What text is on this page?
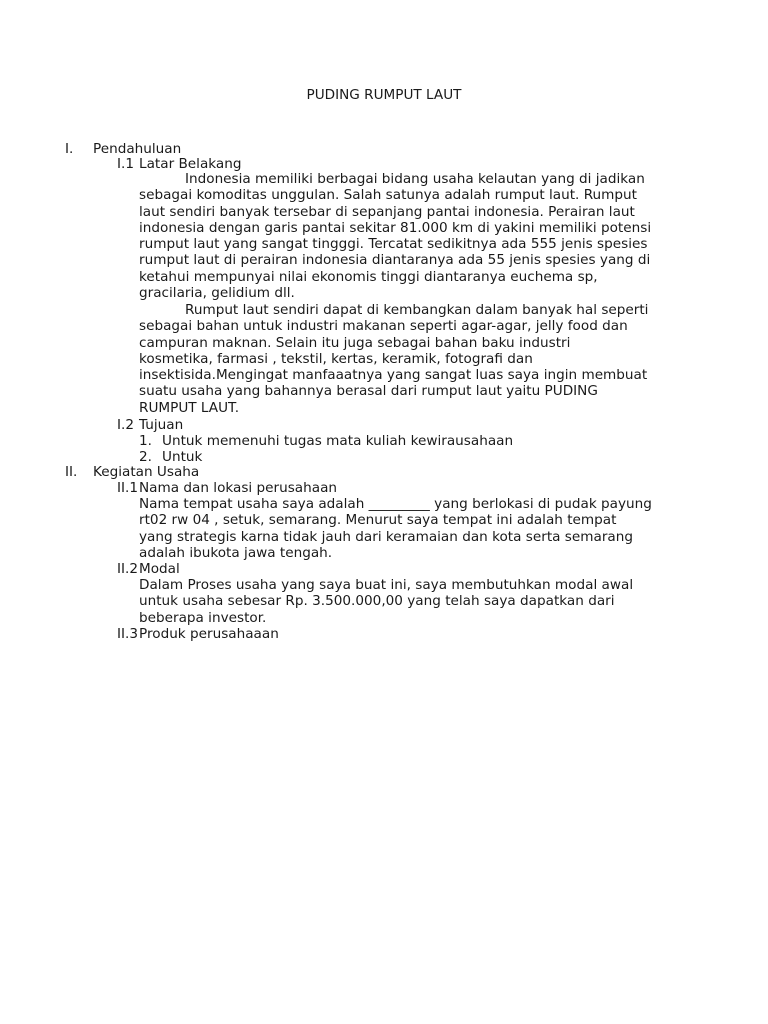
PUDING RUMPUT LAUT
I. Pendahuluan
I.1 Latar Belakang
Indonesia memiliki berbagai bidang usaha kelautan yang di jadikan
sebagai komoditas unggulan. Salah satunya adalah rumput laut. Rumput
laut sendiri banyak tersebar di sepanjang pantai indonesia. Perairan laut
indonesia dengan garis pantai sekitar 81.000 km di yakini memiliki potensi
rumput laut yang sangat tingggi. Tercatat sedikitnya ada 555 jenis spesies
rumput laut di perairan indonesia diantaranya ada 55 jenis spesies yang di
ketahui mempunyai nilai ekonomis tinggi diantaranya euchema sp,
gracilaria, gelidium dll.
Rumput laut sendiri dapat di kembangkan dalam banyak hal seperti
sebagai bahan untuk industri makanan seperti agar-agar, jelly food dan
campuran maknan. Selain itu juga sebagai bahan baku industri
kosmetika, farmasi , tekstil, kertas, keramik, fotografi dan
insektisida.Mengingat manfaaatnya yang sangat luas saya ingin membuat
suatu usaha yang bahannya berasal dari rumput laut yaitu PUDING
RUMPUT LAUT.
I.2 Tujuan
1. Untuk memenuhi tugas mata kuliah kewirausahaan
2. Untuk
II. Kegiatan Usaha
II.1 Nama dan lokasi perusahaan
Nama tempat usaha saya adalah _________ yang berlokasi di pudak payung
rt02 rw 04 , setuk, semarang. Menurut saya tempat ini adalah tempat
yang strategis karna tidak jauh dari keramaian dan kota serta semarang
adalah ibukota jawa tengah.
II.2 Modal
Dalam Proses usaha yang saya buat ini, saya membutuhkan modal awal
untuk usaha sebesar Rp. 3.500.000,00 yang telah saya dapatkan dari
beberapa investor.
II.3 Produk perusahaaan
